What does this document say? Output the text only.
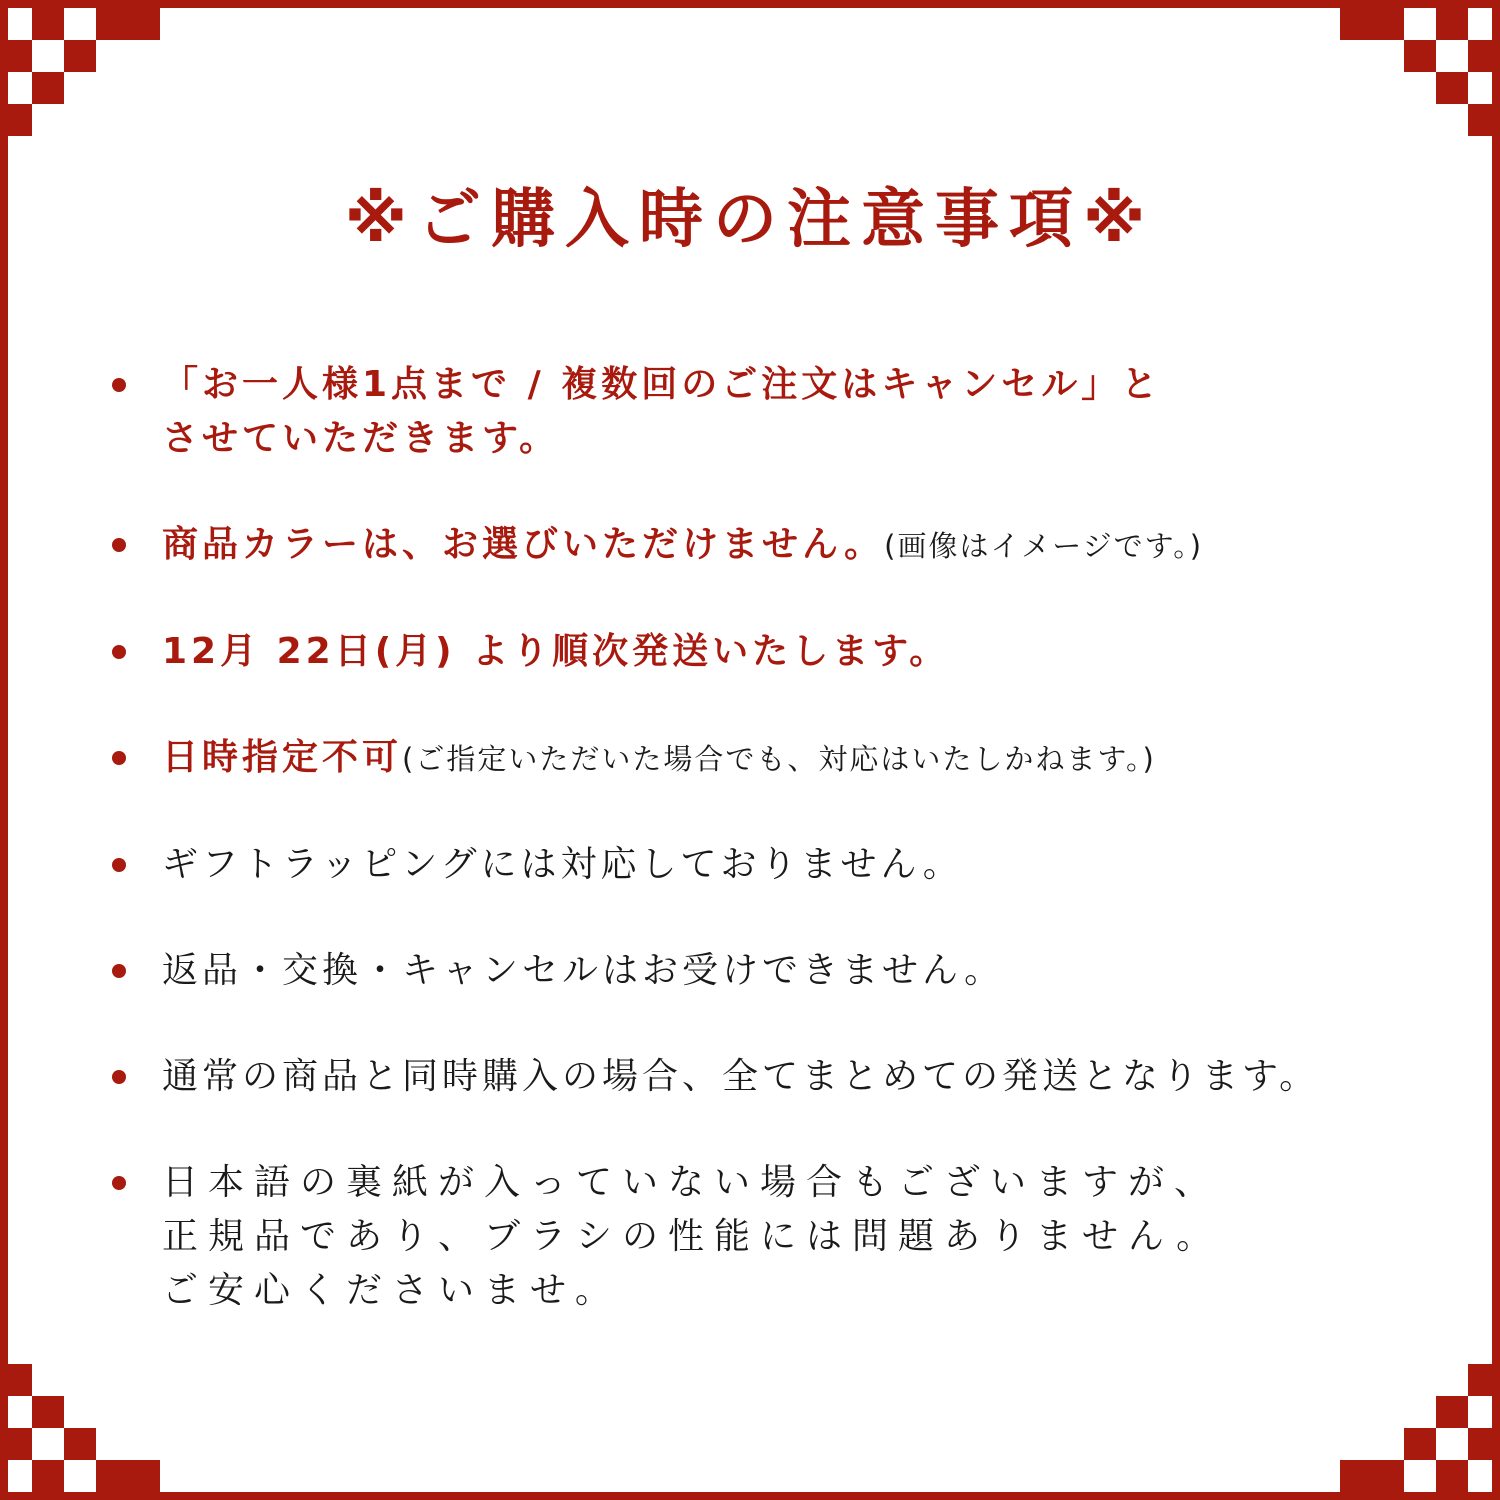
※ご購入時の注意事項※
「お一人様1点まで / 複数回のご注文はキャンセル」と
させていただきます。
商品カラーは、お選びいただけません。(画像はイメージです。)
12月 22日(月) より順次発送いたします。
日時指定不可(ご指定いただいた場合でも、対応はいたしかねます。)
ギフトラッピングには対応しておりません。
返品・交換・キャンセルはお受けできません。
通常の商品と同時購入の場合、全てまとめての発送となります。
日本語の裏紙が入っていない場合もございますが、
正規品であり、ブラシの性能には問題ありません。
ご安心くださいませ。
